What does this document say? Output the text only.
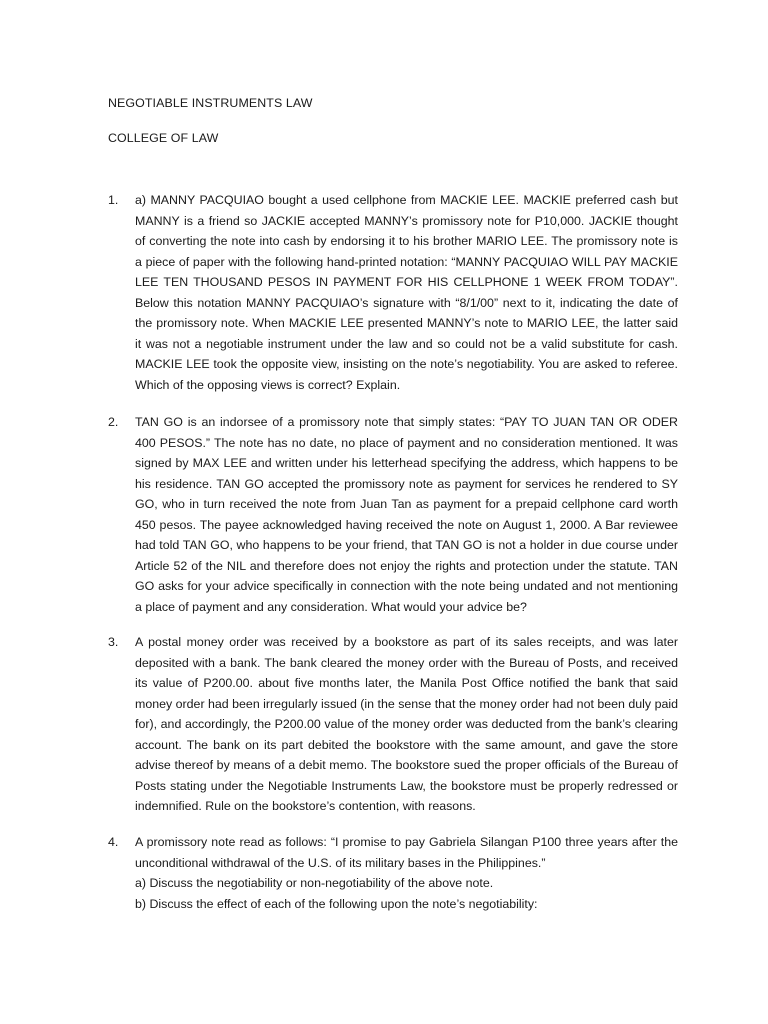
NEGOTIABLE INSTRUMENTS LAW
COLLEGE OF LAW
1. a) MANNY PACQUIAO bought a used cellphone from MACKIE LEE. MACKIE preferred cash but MANNY is a friend so JACKIE accepted MANNY’s promissory note for P10,000. JACKIE thought of converting the note into cash by endorsing it to his brother MARIO LEE. The promissory note is a piece of paper with the following hand-printed notation: “MANNY PACQUIAO WILL PAY MACKIE LEE TEN THOUSAND PESOS IN PAYMENT FOR HIS CELLPHONE 1 WEEK FROM TODAY”. Below this notation MANNY PACQUIAO’s signature with “8/1/00” next to it, indicating the date of the promissory note. When MACKIE LEE presented MANNY’s note to MARIO LEE, the latter said it was not a negotiable instrument under the law and so could not be a valid substitute for cash. MACKIE LEE took the opposite view, insisting on the note’s negotiability. You are asked to referee. Which of the opposing views is correct? Explain.

2. TAN GO is an indorsee of a promissory note that simply states: “PAY TO JUAN TAN OR ODER 400 PESOS.” The note has no date, no place of payment and no consideration mentioned. It was signed by MAX LEE and written under his letterhead specifying the address, which happens to be his residence. TAN GO accepted the promissory note as payment for services he rendered to SY GO, who in turn received the note from Juan Tan as payment for a prepaid cellphone card worth 450 pesos. The payee acknowledged having received the note on August 1, 2000. A Bar reviewee had told TAN GO, who happens to be your friend, that TAN GO is not a holder in due course under Article 52 of the NIL and therefore does not enjoy the rights and protection under the statute. TAN GO asks for your advice specifically in connection with the note being undated and not mentioning a place of payment and any consideration. What would your advice be?

3. A postal money order was received by a bookstore as part of its sales receipts, and was later deposited with a bank. The bank cleared the money order with the Bureau of Posts, and received its value of P200.00. about five months later, the Manila Post Office notified the bank that said money order had been irregularly issued (in the sense that the money order had not been duly paid for), and accordingly, the P200.00 value of the money order was deducted from the bank’s clearing account. The bank on its part debited the bookstore with the same amount, and gave the store advise thereof by means of a debit memo. The bookstore sued the proper officials of the Bureau of Posts stating under the Negotiable Instruments Law, the bookstore must be properly redressed or indemnified. Rule on the bookstore’s contention, with reasons.

4. A promissory note read as follows: “I promise to pay Gabriela Silangan P100 three years after the unconditional withdrawal of the U.S. of its military bases in the Philippines.”

a) Discuss the negotiability or non-negotiability of the above note.

b) Discuss the effect of each of the following upon the note’s negotiability:
